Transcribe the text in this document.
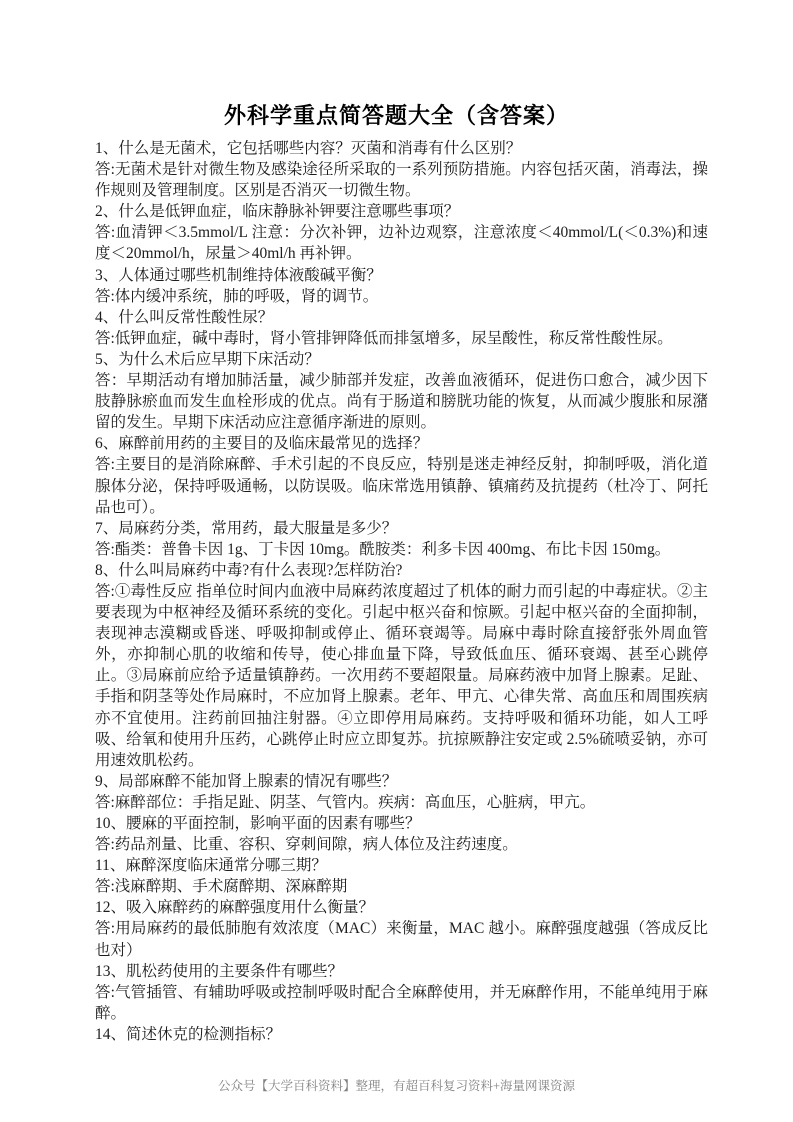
外科学重点简答题大全（含答案）
1、什么是无菌术，它包括哪些内容？灭菌和消毒有什么区别？
答:无菌术是针对微生物及感染途径所采取的一系列预防措施。内容包括灭菌，消毒法，操作规则及管理制度。区别是否消灭一切微生物。
2、什么是低钾血症，临床静脉补钾要注意哪些事项？
答:血清钾＜3.5mmol/L 注意：分次补钾，边补边观察，注意浓度＜40mmol/L(＜0.3%)和速度＜20mmol/h，尿量＞40ml/h 再补钾。
3、人体通过哪些机制维持体液酸碱平衡？
答:体内缓冲系统，肺的呼吸，肾的调节。
4、什么叫反常性酸性尿？
答:低钾血症，碱中毒时，肾小管排钾降低而排氢增多，尿呈酸性，称反常性酸性尿。
5、为什么术后应早期下床活动？
答：早期活动有增加肺活量，减少肺部并发症，改善血液循环，促进伤口愈合，减少因下肢静脉瘀血而发生血栓形成的优点。尚有于肠道和膀胱功能的恢复，从而减少腹胀和尿潴留的发生。早期下床活动应注意循序渐进的原则。
6、麻醉前用药的主要目的及临床最常见的选择？
答:主要目的是消除麻醉、手术引起的不良反应，特别是迷走神经反射，抑制呼吸，消化道腺体分泌，保持呼吸通畅，以防误吸。临床常选用镇静、镇痛药及抗提药（杜冷丁、阿托品也可）。
7、局麻药分类，常用药，最大服量是多少？
答:酯类：普鲁卡因 1g、丁卡因 10mg。酰胺类：利多卡因 400mg、布比卡因 150mg。
8、什么叫局麻药中毒?有什么表现?怎样防治?
答:①毒性反应 指单位时间内血液中局麻药浓度超过了机体的耐力而引起的中毒症状。②主要表现为中枢神经及循环系统的变化。引起中枢兴奋和惊厥。引起中枢兴奋的全面抑制，表现神志漠糊或昏迷、呼吸抑制或停止、循环衰竭等。局麻中毒时除直接舒张外周血管外，亦抑制心肌的收缩和传导，使心排血量下降，导致低血压、循环衰竭、甚至心跳停止。③局麻前应给予适量镇静药。一次用药不要超限量。局麻药液中加肾上腺素。足趾、手指和阴茎等处作局麻时，不应加肾上腺素。老年、甲亢、心律失常、高血压和周围疾病亦不宜使用。注药前回抽注射器。④立即停用局麻药。支持呼吸和循环功能，如人工呼吸、给氧和使用升压药，心跳停止时应立即复苏。抗掠厥静注安定或 2.5%硫喷妥钠，亦可用速效肌松药。
9、局部麻醉不能加肾上腺素的情况有哪些？
答:麻醉部位：手指足趾、阴茎、气管内。疾病：高血压，心脏病，甲亢。
10、腰麻的平面控制，影响平面的因素有哪些？
答:药品剂量、比重、容积、穿刺间隙，病人体位及注药速度。
11、麻醉深度临床通常分哪三期？
答:浅麻醉期、手术腐醉期、深麻醉期
12、吸入麻醉药的麻醉强度用什么衡量？
答:用局麻药的最低肺胞有效浓度（MAC）来衡量，MAC 越小。麻醉强度越强（答成反比也对）
13、肌松药使用的主要条件有哪些？
答:气管插管、有辅助呼吸或控制呼吸时配合全麻醉使用，并无麻醉作用，不能单纯用于麻醉。
14、简述休克的检测指标？
公众号【大学百科资料】整理，有超百科复习资料+海量网课资源
